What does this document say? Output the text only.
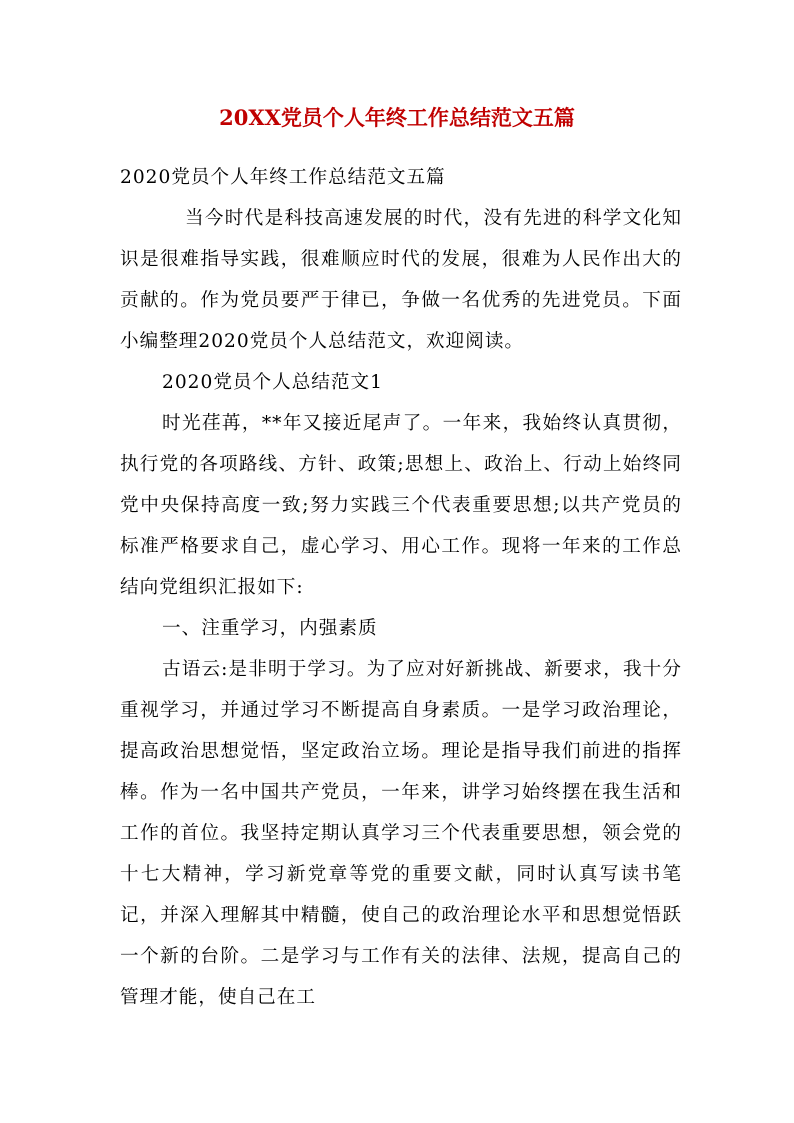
20XX党员个人年终工作总结范文五篇

2020党员个人年终工作总结范文五篇

当今时代是科技高速发展的时代，没有先进的科学文化知识是很难指导实践，很难顺应时代的发展，很难为人民作出大的贡献的。作为党员要严于律已，争做一名优秀的先进党员。下面小编整理2020党员个人总结范文，欢迎阅读。

2020党员个人总结范文1

时光荏苒，**年又接近尾声了。一年来，我始终认真贯彻，执行党的各项路线、方针、政策;思想上、政治上、行动上始终同党中央保持高度一致;努力实践三个代表重要思想;以共产党员的标准严格要求自己，虚心学习、用心工作。现将一年来的工作总结向党组织汇报如下:

一、注重学习，内强素质

古语云:是非明于学习。为了应对好新挑战、新要求，我十分重视学习，并通过学习不断提高自身素质。一是学习政治理论，提高政治思想觉悟，坚定政治立场。理论是指导我们前进的指挥棒。作为一名中国共产党员，一年来，讲学习始终摆在我生活和工作的首位。我坚持定期认真学习三个代表重要思想，领会党的十七大精神，学习新党章等党的重要文献，同时认真写读书笔记，并深入理解其中精髓，使自己的政治理论水平和思想觉悟跃一个新的台阶。二是学习与工作有关的法律、法规，提高自己的管理才能，使自己在工
